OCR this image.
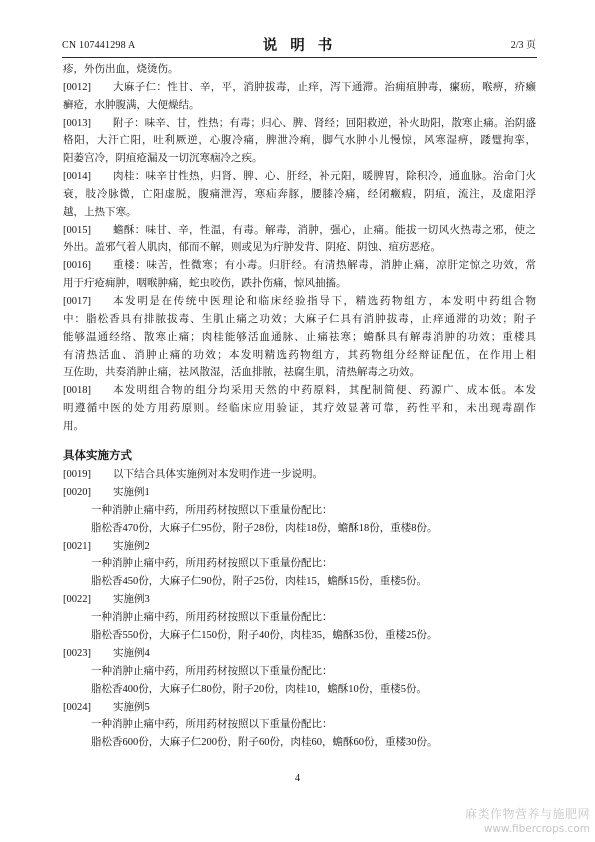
CN 107441298 A	说明书	2/3 页
疹，外伤出血，烧烫伤。
[0012]	大麻子仁：性甘、辛，平，消肿拔毒，止痒，泻下通滞。治痈疽肿毒，瘰疬，喉痹，疥癞
癣疮，水肿腹满，大便燥结。
[0013]	附子：味辛、甘，性热；有毒；归心、脾、肾经；回阳救逆，补火助阳，散寒止痛。治阴盛
格阳，大汗亡阳，吐利厥逆，心腹冷痛，脾泄冷痢，脚气水肿小儿慢惊，风寒湿痹，踒躄拘挛，
阳萎宫冷，阴疽疮漏及一切沉寒痼冷之疾。
[0014]	肉桂：味辛甘性热，归肾、脾、心、肝经，补元阳，暖脾胃，除积冷，通血脉。治命门火
衰，肢冷脉微，亡阳虚脱，腹痛泄泻，寒疝奔豚，腰膝冷痛，经闭癥瘕，阴疽，流注，及虚阳浮
越，上热下寒。
[0015]	蟾酥：味甘、辛，性温，有毒。解毒，消肿，强心，止痛。能拔一切风火热毒之邪，使之
外出。盖邪气着人肌肉，郁而不解，则或见为疔肿发背、阴疮、阴蚀、疽疠恶疮。
[0016]	重楼：味苦，性微寒；有小毒。归肝经。有清热解毒，消肿止痛，凉肝定惊之功效，常
用于疔疮痈肿，咽喉肿痛，蛇虫咬伤，跌扑伤痛，惊风抽搐。
[0017]	本发明是在传统中医理论和临床经验指导下，精选药物组方，本发明中药组合物
中：脂松香具有排脓拔毒、生肌止痛之功效；大麻子仁具有消肿拔毒，止痒通滞的功效；附子
能够温通经络、散寒止痛；肉桂能够活血通脉、止痛祛寒；蟾酥具有解毒消肿的功效；重楼具
有清热活血、消肿止痛的功效；本发明精选药物组方，其药物组分经辩证配伍，在作用上相
互佐助，共奏消肿止痛，祛风散湿，活血排脓，祛腐生肌，清热解毒之功效。
[0018]	本发明组合物的组分均采用天然的中药原料，其配制简便、药源广、成本低。本发
明遵循中医的处方用药原则。经临床应用验证，其疗效显著可靠，药性平和，未出现毒副作
用。
具体实施方式
[0019]	以下结合具体实施例对本发明作进一步说明。
[0020]	实施例1
一种消肿止痛中药，所用药材按照以下重量份配比：
脂松香470份，大麻子仁95份，附子28份，肉桂18份，蟾酥18份，重楼8份。
[0021]	实施例2
一种消肿止痛中药，所用药材按照以下重量份配比：
脂松香450份，大麻子仁90份，附子25份，肉桂15，蟾酥15份，重楼5份。
[0022]	实施例3
一种消肿止痛中药，所用药材按照以下重量份配比：
脂松香550份，大麻子仁150份，附子40份，肉桂35，蟾酥35份，重楼25份。
[0023]	实施例4
一种消肿止痛中药，所用药材按照以下重量份配比：
脂松香400份，大麻子仁80份，附子20份，肉桂10，蟾酥10份，重楼5份。
[0024]	实施例5
一种消肿止痛中药，所用药材按照以下重量份配比：
脂松香600份，大麻子仁200份，附子60份，肉桂60，蟾酥60份，重楼30份。
4
麻类作物营养与施肥网
www.fibercrops.com
